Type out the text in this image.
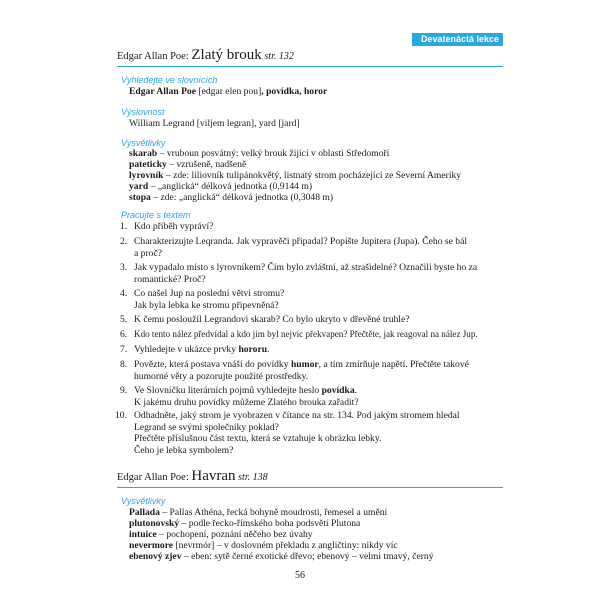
Devatenáctá lekce
Edgar Allan Poe: Zlatý brouk str. 132
Vyhledejte ve slovnících
Edgar Allan Poe [edgar elen pou], povídka, horor
Výslovnost
William Legrand [viljem legran], yard [jard]
Vysvětlivky
skarab – vruboun posvátný: velký brouk žijící v oblasti Středomoří
pateticky – vzrušeně, nadšeně
lyrovník – zde: liliovník tulipánokvětý, listnatý strom pocházející ze Severní Ameriky
yard – „anglická“ délková jednotka (0,9144 m)
stopa – zde: „anglická“ délková jednotka (0,3048 m)
Pracujte s textem
1. Kdo příběh vypráví?
2. Charakterizujte Leqranda. Jak vypravěči připadal? Popište Jupitera (Jupa). Čeho se bál
a proč?
3. Jak vypadalo místo s lyrovníkem? Čím bylo zvláštní, až strašidelné? Označili byste ho za
romantické? Proč?
4. Co našel Jup na poslední větvi stromu?
Jak byla lebka ke stromu připevněná?
5. K čemu posloužil Legrandovi skarab? Co bylo ukryto v dřevěné truhle?
6. Kdo tento nález předvídal a kdo jím byl nejvíc překvapen? Přečtěte, jak reagoval na nález Jup.
7. Vyhledejte v ukázce prvky hororu.
8. Povězte, která postava vnáší do povídky humor, a tím zmírňuje napětí. Přečtěte takové
humorné věty a pozorujte použité prostředky.
9. Ve Slovníčku literárních pojmů vyhledejte heslo povídka.
K jakému druhu povídky můžeme Zlatého brouka zařadit?
10. Odhadněte, jaký strom je vyobrazen v čítance na str. 134. Pod jakým stromem hledal
Legrand se svými společníky poklad?
Přečtěte příslušnou část textu, která se vztahuje k obrázku lebky.
Čeho je lebka symbolem?
Edgar Allan Poe: Havran str. 138
Vysvětlivky
Pallada – Pallas Athéna, řecká bohyně moudrosti, řemesel a umění
plutonovský – podle řecko-římského boha podsvětí Plutona
intuice – pochopení, poznání něčeho bez úvahy
nevermore [nevrmór] – v doslovném překladu z angličtiny: nikdy víc
ebenový zjev – eben: sytě černé exotické dřevo; ebenový – velmi tmavý, černý
56
